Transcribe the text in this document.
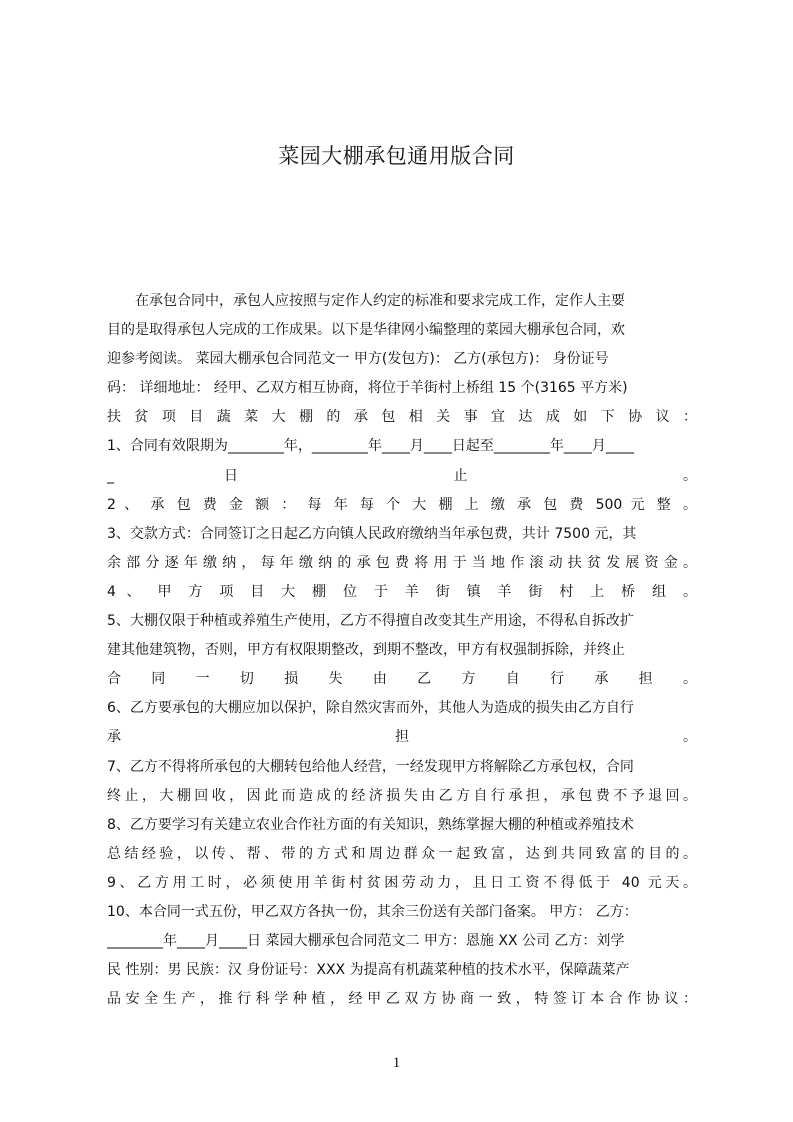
菜园大棚承包通用版合同
在承包合同中，承包人应按照与定作人约定的标准和要求完成工作，定作人主要
目的是取得承包人完成的工作成果。以下是华律网小编整理的菜园大棚承包合同，欢
迎参考阅读。 菜园大棚承包合同范文一 甲方(发包方)： 乙方(承包方)： 身份证号
码： 详细地址： 经甲、乙双方相互协商，将位于羊街村上桥组 15 个(3165 平方米)
扶 贫 项 目 蔬 菜 大 棚 的 承 包 相 关 事 宜 达 成 如 下 协 议 ：
1、合同有效限期为________年，________年____月____日起至________年____月____
_ 日 止 。
2 、 承 包 费 金 额 ： 每 年 每 个 大 棚 上 缴 承 包 费 500 元 整 。
3、交款方式：合同签订之日起乙方向镇人民政府缴纳当年承包费，共计 7500 元，其
余部分逐年缴纳，每年缴纳的承包费将用于当地作滚动扶贫发展资金。
4 、 甲 方 项 目 大 棚 位 于 羊 街 镇 羊 街 村 上 桥 组 。
5、大棚仅限于种植或养殖生产使用，乙方不得擅自改变其生产用途，不得私自拆改扩
建其他建筑物，否则，甲方有权限期整改，到期不整改，甲方有权强制拆除，并终止
合 同 一 切 损 失 由 乙 方 自 行 承 担 。
6、乙方要承包的大棚应加以保护，除自然灾害而外，其他人为造成的损失由乙方自行
承 担 。
7、乙方不得将所承包的大棚转包给他人经营，一经发现甲方将解除乙方承包权，合同
终止，大棚回收，因此而造成的经济损失由乙方自行承担，承包费不予退回。
8、乙方要学习有关建立农业合作社方面的有关知识，熟练掌握大棚的种植或养殖技术
总结经验，以传、帮、带的方式和周边群众一起致富，达到共同致富的目的。
9、乙方用工时，必须使用羊街村贫困劳动力，且日工资不得低于 40 元天。
10、本合同一式五份，甲乙双方各执一份，其余三份送有关部门备案。 甲方： 乙方：
________年____月____日 菜园大棚承包合同范文二 甲方：恩施 XX 公司 乙方：刘学
民 性别：男 民族：汉 身份证号：XXX 为提高有机蔬菜种植的技术水平，保障蔬菜产
品安全生产，推行科学种植，经甲乙双方协商一致，特签订本合作协议：
1
